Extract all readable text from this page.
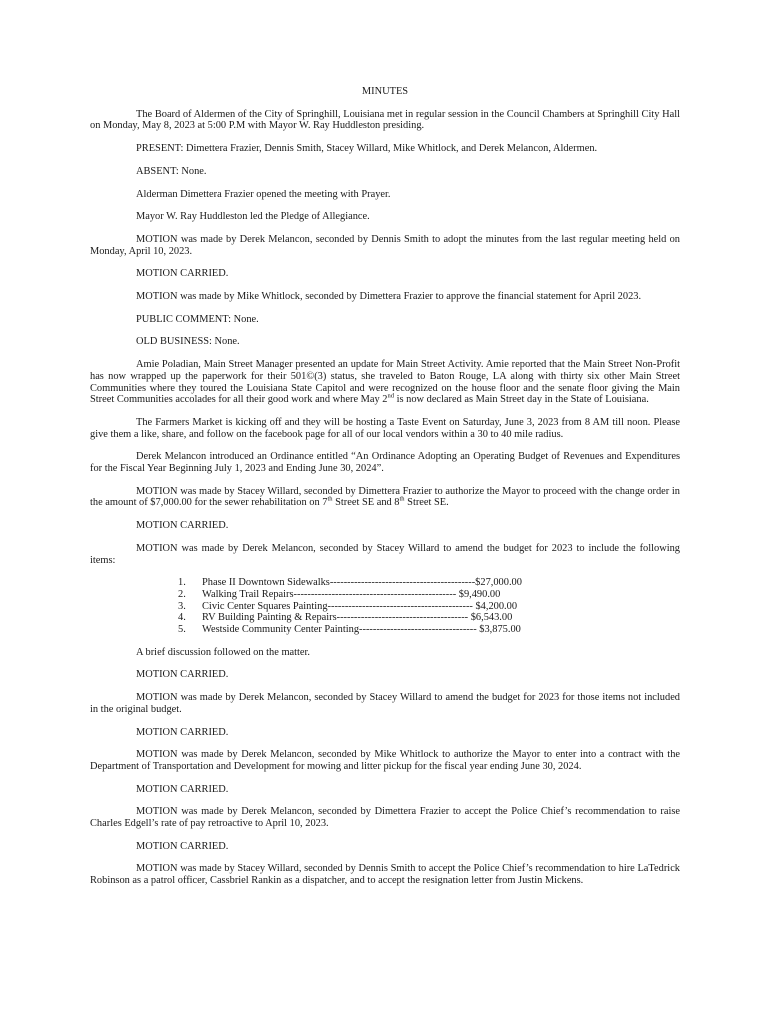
MINUTES
The Board of Aldermen of the City of Springhill, Louisiana met in regular session in the Council Chambers at Springhill City Hall on Monday, May 8, 2023 at 5:00 P.M with Mayor W. Ray Huddleston presiding.
PRESENT: Dimettera Frazier, Dennis Smith, Stacey Willard, Mike Whitlock, and Derek Melancon, Aldermen.
ABSENT: None.
Alderman Dimettera Frazier opened the meeting with Prayer.
Mayor W. Ray Huddleston led the Pledge of Allegiance.
MOTION was made by Derek Melancon, seconded by Dennis Smith to adopt the minutes from the last regular meeting held on Monday, April 10, 2023.
MOTION CARRIED.
MOTION was made by Mike Whitlock, seconded by Dimettera Frazier to approve the financial statement for April 2023.
PUBLIC COMMENT: None.
OLD BUSINESS: None.
Amie Poladian, Main Street Manager presented an update for Main Street Activity. Amie reported that the Main Street Non-Profit has now wrapped up the paperwork for their 501©(3) status, she traveled to Baton Rouge, LA along with thirty six other Main Street Communities where they toured the Louisiana State Capitol and were recognized on the house floor and the senate floor giving the Main Street Communities accolades for all their good work and where May 2nd is now declared as Main Street day in the State of Louisiana.
The Farmers Market is kicking off and they will be hosting a Taste Event on Saturday, June 3, 2023 from 8 AM till noon. Please give them a like, share, and follow on the facebook page for all of our local vendors within a 30 to 40 mile radius.
Derek Melancon introduced an Ordinance entitled “An Ordinance Adopting an Operating Budget of Revenues and Expenditures for the Fiscal Year Beginning July 1, 2023 and Ending June 30, 2024”.
MOTION was made by Stacey Willard, seconded by Dimettera Frazier to authorize the Mayor to proceed with the change order in the amount of $7,000.00 for the sewer rehabilitation on 7th Street SE and 8th Street SE.
MOTION CARRIED.
MOTION was made by Derek Melancon, seconded by Stacey Willard to amend the budget for 2023 to include the following items:
1.	Phase II Downtown Sidewalks------------------------------------------$27,000.00
2.	Walking Trail Repairs----------------------------------------------- $9,490.00
3.	Civic Center Squares Painting------------------------------------------ $4,200.00
4.	RV Building Painting & Repairs-------------------------------------- $6,543.00
5.	Westside Community Center Painting---------------------------------- $3,875.00
A brief discussion followed on the matter.
MOTION CARRIED.
MOTION was made by Derek Melancon, seconded by Stacey Willard to amend the budget for 2023 for those items not included in the original budget.
MOTION CARRIED.
MOTION was made by Derek Melancon, seconded by Mike Whitlock to authorize the Mayor to enter into a contract with the Department of Transportation and Development for mowing and litter pickup for the fiscal year ending June 30, 2024.
MOTION CARRIED.
MOTION was made by Derek Melancon, seconded by Dimettera Frazier to accept the Police Chief’s recommendation to raise Charles Edgell’s rate of pay retroactive to April 10, 2023.
MOTION CARRIED.
MOTION was made by Stacey Willard, seconded by Dennis Smith to accept the Police Chief’s recommendation to hire LaTedrick Robinson as a patrol officer, Cassbriel Rankin as a dispatcher, and to accept the resignation letter from Justin Mickens.
